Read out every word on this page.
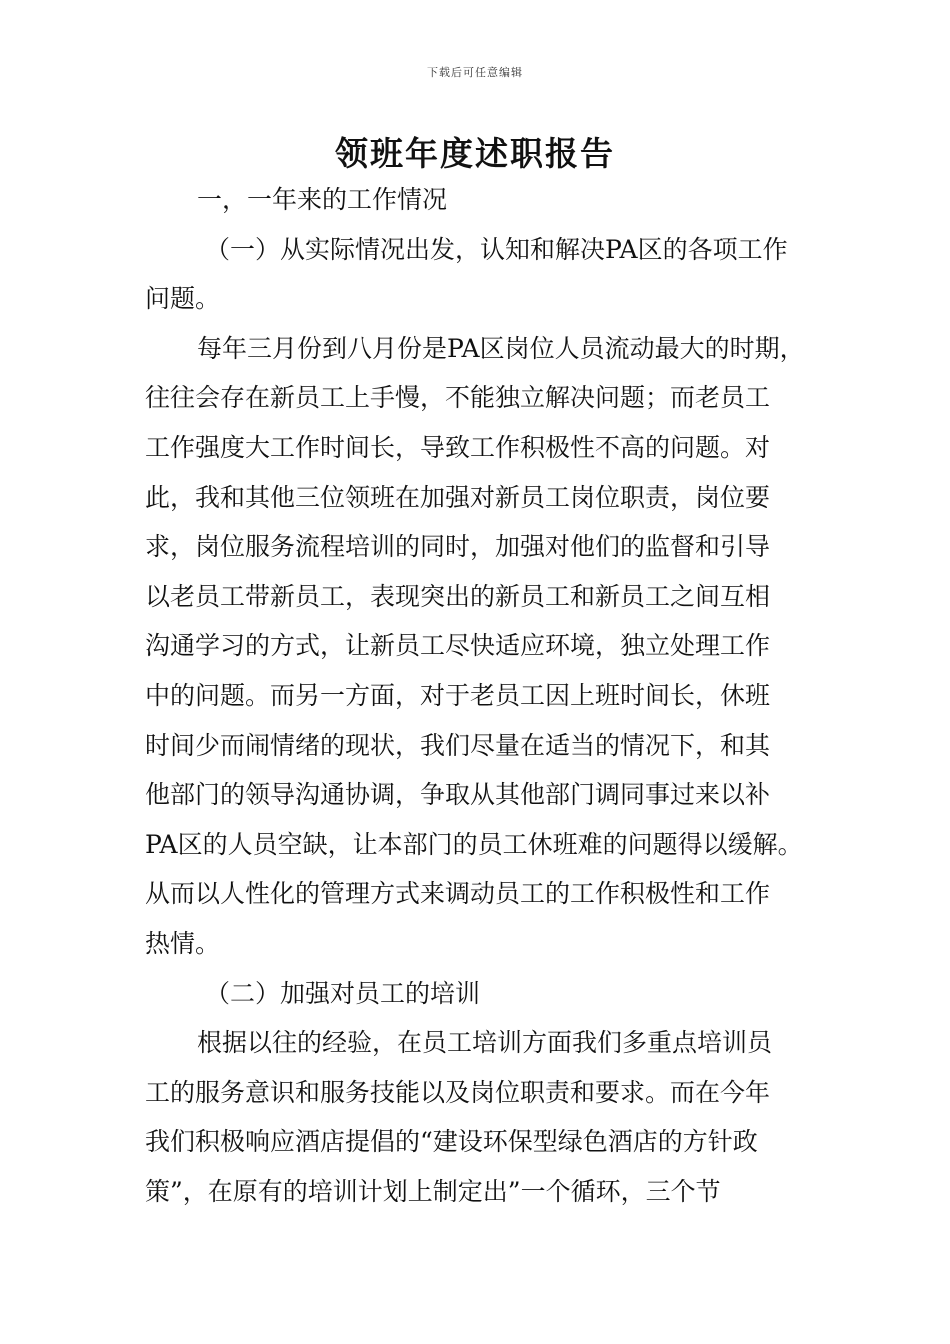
下载后可任意编辑
领班年度述职报告
一，一年来的工作情况
（一）从实际情况出发，认知和解决PA区的各项工作
问题。
每年三月份到八月份是PA区岗位人员流动最大的时期，
往往会存在新员工上手慢，不能独立解决问题；而老员工
工作强度大工作时间长，导致工作积极性不高的问题。对
此，我和其他三位领班在加强对新员工岗位职责，岗位要
求，岗位服务流程培训的同时，加强对他们的监督和引导
以老员工带新员工，表现突出的新员工和新员工之间互相
沟通学习的方式，让新员工尽快适应环境，独立处理工作
中的问题。而另一方面，对于老员工因上班时间长，休班
时间少而闹情绪的现状，我们尽量在适当的情况下，和其
他部门的领导沟通协调，争取从其他部门调同事过来以补
PA区的人员空缺，让本部门的员工休班难的问题得以缓解。
从而以人性化的管理方式来调动员工的工作积极性和工作
热情。
（二）加强对员工的培训
根据以往的经验，在员工培训方面我们多重点培训员
工的服务意识和服务技能以及岗位职责和要求。而在今年
我们积极响应酒店提倡的“建设环保型绿色酒店的方针政
策”，在原有的培训计划上制定出”一个循环，三个节
